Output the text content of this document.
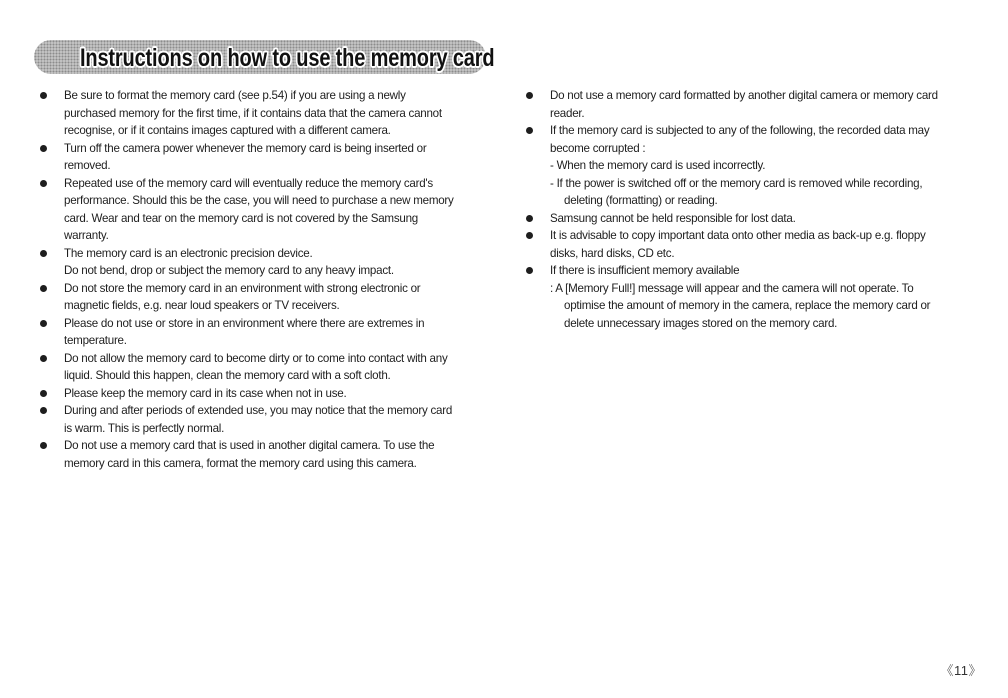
Instructions on how to use the memory card
Be sure to format the memory card (see p.54) if you are using a newly
purchased memory for the first time, if it contains data that the camera cannot
recognise, or if it contains images captured with a different camera.
Turn off the camera power whenever the memory card is being inserted or
removed.
Repeated use of the memory card will eventually reduce the memory card's
performance. Should this be the case, you will need to purchase a new memory
card. Wear and tear on the memory card is not covered by the Samsung
warranty.
The memory card is an electronic precision device.
Do not bend, drop or subject the memory card to any heavy impact.
Do not store the memory card in an environment with strong electronic or
magnetic fields, e.g. near loud speakers or TV receivers.
Please do not use or store in an environment where there are extremes in
temperature.
Do not allow the memory card to become dirty or to come into contact with any
liquid. Should this happen, clean the memory card with a soft cloth.
Please keep the memory card in its case when not in use.
During and after periods of extended use, you may notice that the memory card
is warm. This is perfectly normal.
Do not use a memory card that is used in another digital camera. To use the
memory card in this camera, format the memory card using this camera.
Do not use a memory card formatted by another digital camera or memory card
reader.
If the memory card is subjected to any of the following, the recorded data may
become corrupted :
- When the memory card is used incorrectly.
- If the power is switched off or the memory card is removed while recording,
deleting (formatting) or reading.
Samsung cannot be held responsible for lost data.
It is advisable to copy important data onto other media as back-up e.g. floppy
disks, hard disks, CD etc.
If there is insufficient memory available
: A [Memory Full!] message will appear and the camera will not operate. To
optimise the amount of memory in the camera, replace the memory card or
delete unnecessary images stored on the memory card.
《11》
